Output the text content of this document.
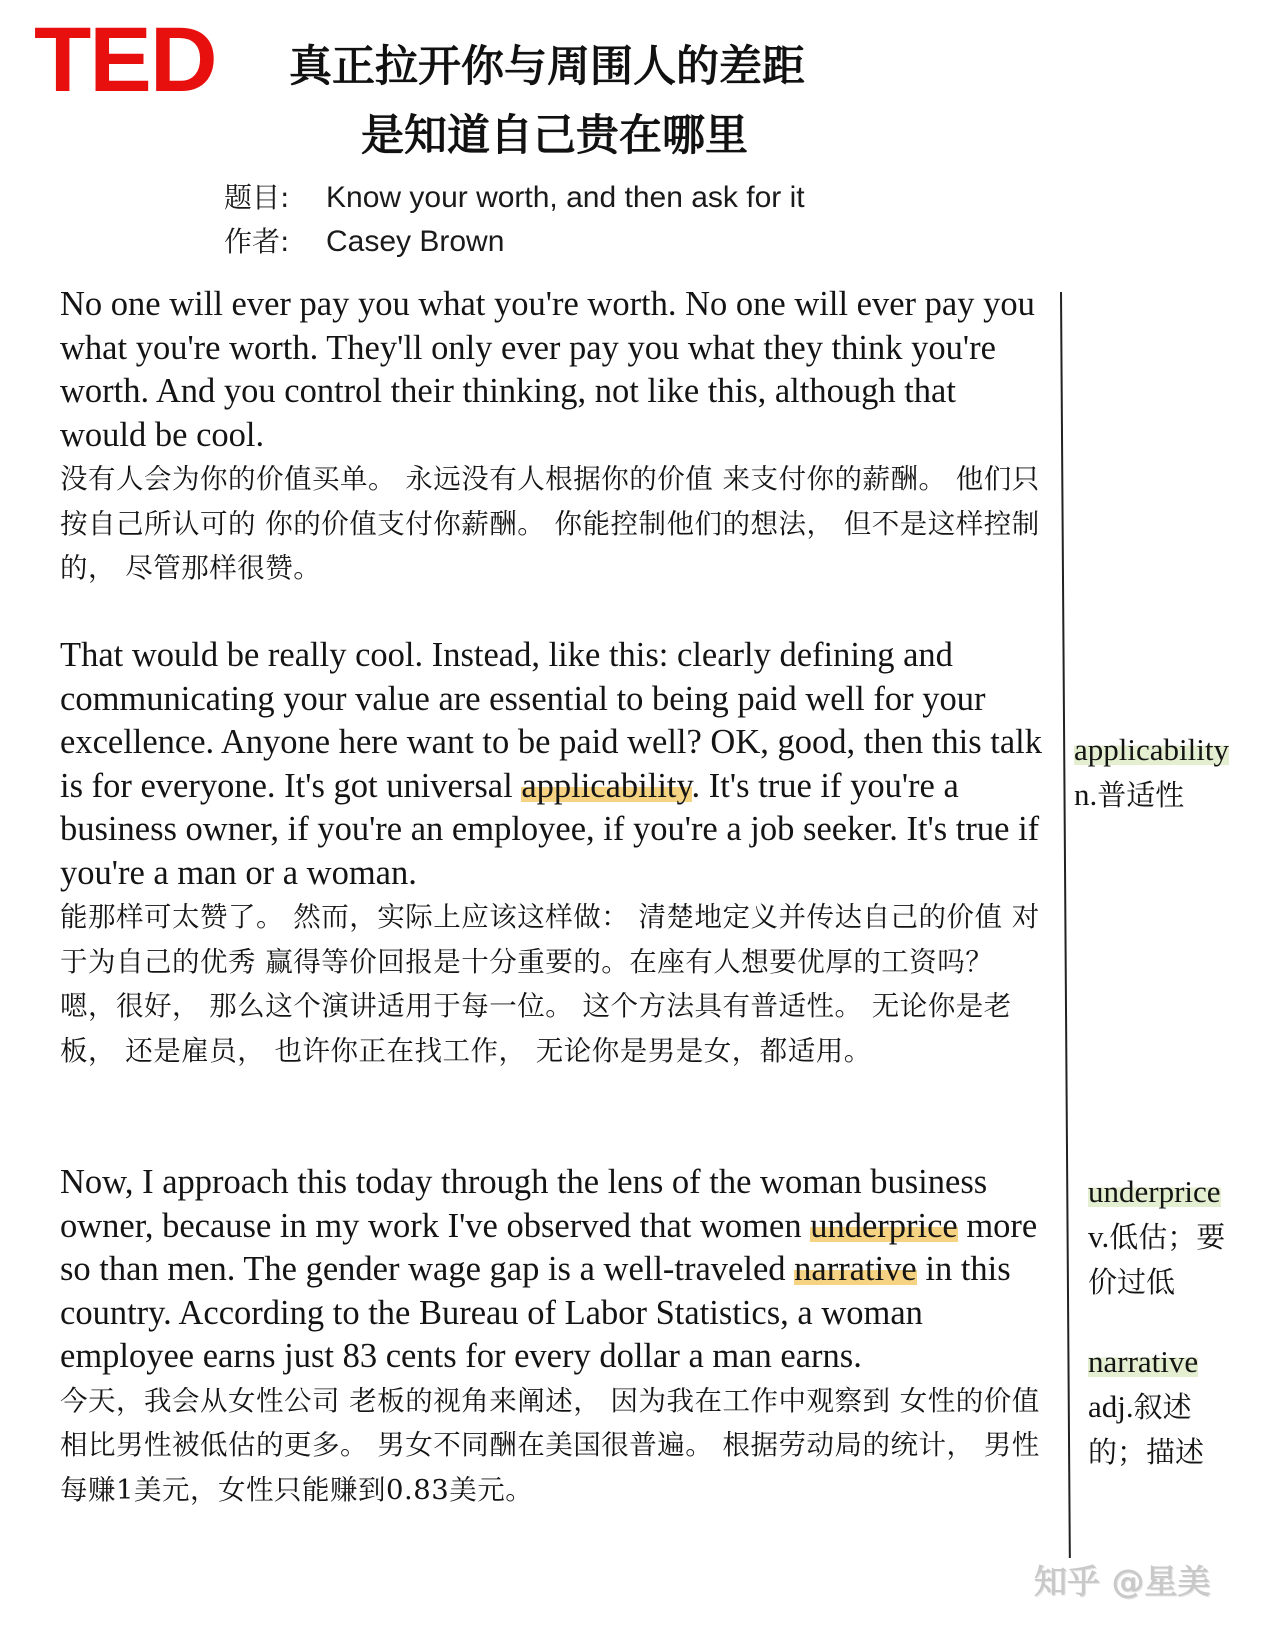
TED 真正拉开你与周围人的差距
是知道自己贵在哪里
题目: Know your worth, and then ask for it
作者: Casey Brown

No one will ever pay you what you're worth. No one will ever pay you what you're worth. They'll only ever pay you what they think you're worth. And you control their thinking, not like this, although that would be cool.

没有人会为你的价值买单。 永远没有人根据你的价值 来支付你的薪酬。 他们只按自己所认可的 你的价值支付你薪酬。 你能控制他们的想法， 但不是这样控制的， 尽管那样很赞。

That would be really cool. Instead, like this: clearly defining and communicating your value are essential to being paid well for your excellence. Anyone here want to be paid well? OK, good, then this talk is for everyone. It's got universal applicability. It's true if you're a business owner, if you're an employee, if you're a job seeker. It's true if you're a man or a woman.

能那样可太赞了。 然而，实际上应该这样做： 清楚地定义并传达自己的价值 对于为自己的优秀 赢得等价回报是十分重要的。在座有人想要优厚的工资吗？ 嗯，很好， 那么这个演讲适用于每一位。 这个方法具有普适性。 无论你是老板， 还是雇员， 也许你正在找工作， 无论你是男是女，都适用。

Now, I approach this today through the lens of the woman business owner, because in my work I've observed that women underprice more so than men. The gender wage gap is a well-traveled narrative in this country. According to the Bureau of Labor Statistics, a woman employee earns just 83 cents for every dollar a man earns.

今天，我会从女性公司 老板的视角来阐述， 因为我在工作中观察到 女性的价值相比男性被低估的更多。 男女不同酬在美国很普遍。 根据劳动局的统计， 男性每赚1美元，女性只能赚到0.83美元。

applicability
n.普适性
underprice
v.低估；要
价过低
narrative
adj.叙述
的；描述
知乎 @星美
